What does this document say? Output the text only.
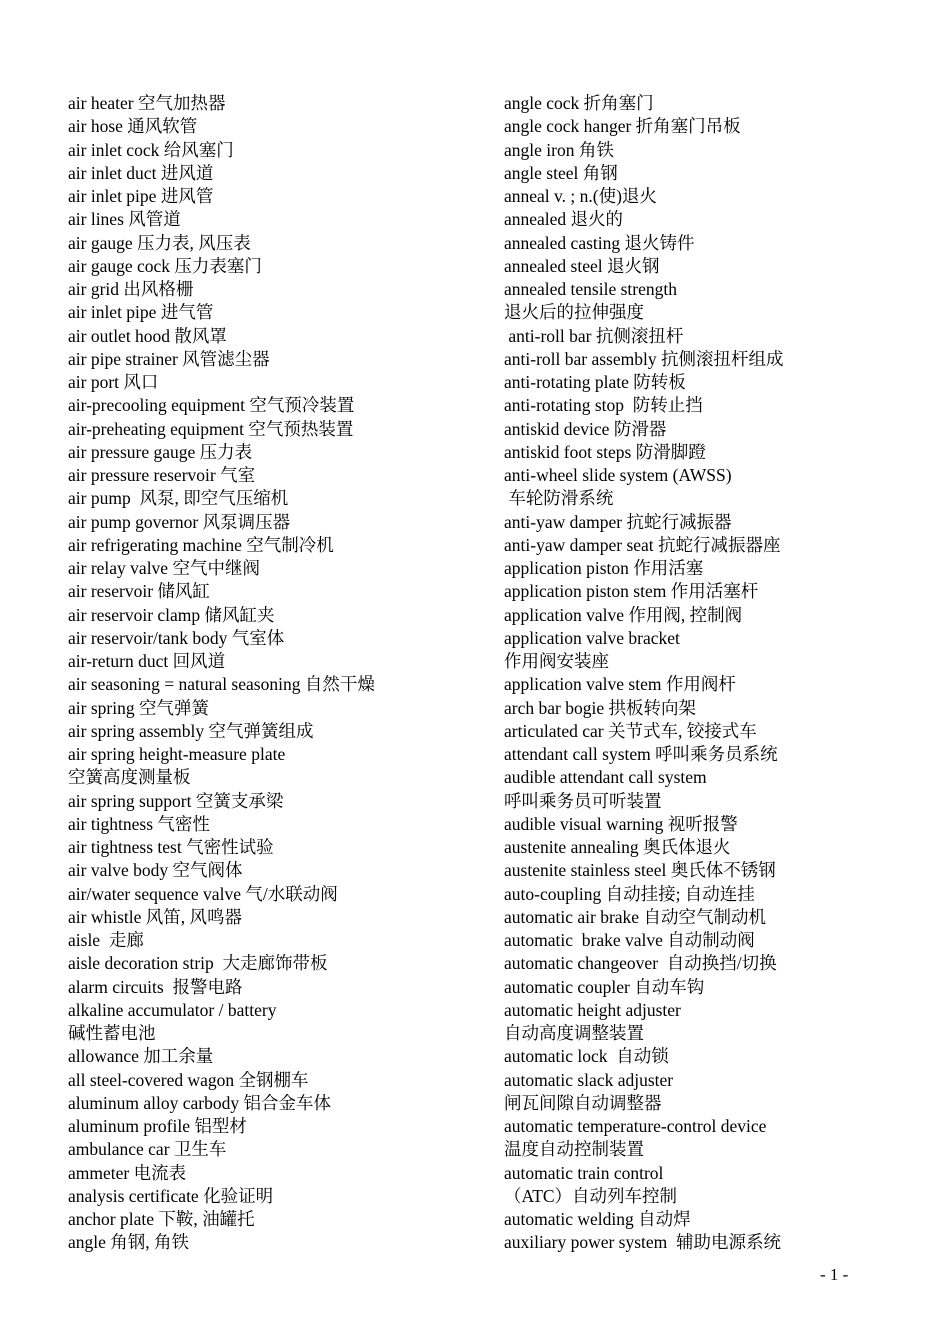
air heater 空气加热器
air hose 通风软管
air inlet cock 给风塞门
air inlet duct 进风道
air inlet pipe 进风管
air lines 风管道
air gauge 压力表, 风压表
air gauge cock 压力表塞门
air grid 出风格栅
air inlet pipe 进气管
air outlet hood 散风罩
air pipe strainer 风管滤尘器
air port 风口
air-precooling equipment 空气预冷装置
air-preheating equipment 空气预热装置
air pressure gauge 压力表
air pressure reservoir 气室
air pump  风泵, 即空气压缩机
air pump governor 风泵调压器
air refrigerating machine 空气制冷机
air relay valve 空气中继阀
air reservoir 储风缸
air reservoir clamp 储风缸夹
air reservoir/tank body 气室体
air-return duct 回风道
air seasoning = natural seasoning 自然干燥
air spring 空气弹簧
air spring assembly 空气弹簧组成
air spring height-measure plate
空簧高度测量板
air spring support 空簧支承梁
air tightness 气密性
air tightness test 气密性试验
air valve body 空气阀体
air/water sequence valve 气/水联动阀
air whistle 风笛, 风鸣器
aisle  走廊
aisle decoration strip  大走廊饰带板
alarm circuits  报警电路
alkaline accumulator / battery
碱性蓄电池
allowance 加工余量
all steel-covered wagon 全钢棚车
aluminum alloy carbody 铝合金车体
aluminum profile 铝型材
ambulance car 卫生车
ammeter 电流表
analysis certificate 化验证明
anchor plate 下鞍, 油罐托
angle 角钢, 角铁
angle cock 折角塞门
angle cock hanger 折角塞门吊板
angle iron 角铁
angle steel 角钢
anneal v. ; n.(使)退火
annealed 退火的
annealed casting 退火铸件
annealed steel 退火钢
annealed tensile strength
退火后的拉伸强度
anti-roll bar 抗侧滚扭杆
anti-roll bar assembly 抗侧滚扭杆组成
anti-rotating plate 防转板
anti-rotating stop  防转止挡
antiskid device 防滑器
antiskid foot steps 防滑脚蹬
anti-wheel slide system (AWSS)
车轮防滑系统
anti-yaw damper 抗蛇行减振器
anti-yaw damper seat 抗蛇行减振器座
application piston 作用活塞
application piston stem 作用活塞杆
application valve 作用阀, 控制阀
application valve bracket
作用阀安装座
application valve stem 作用阀杆
arch bar bogie 拱板转向架
articulated car 关节式车, 铰接式车
attendant call system 呼叫乘务员系统
audible attendant call system
呼叫乘务员可听装置
audible visual warning 视听报警
austenite annealing 奥氏体退火
austenite stainless steel 奥氏体不锈钢
auto-coupling 自动挂接; 自动连挂
automatic air brake 自动空气制动机
automatic  brake valve 自动制动阀
automatic changeover  自动换挡/切换
automatic coupler 自动车钩
automatic height adjuster
自动高度调整装置
automatic lock  自动锁
automatic slack adjuster
闸瓦间隙自动调整器
automatic temperature-control device
温度自动控制装置
automatic train control
（ATC）自动列车控制
automatic welding 自动焊
auxiliary power system  辅助电源系统
- 1 -
